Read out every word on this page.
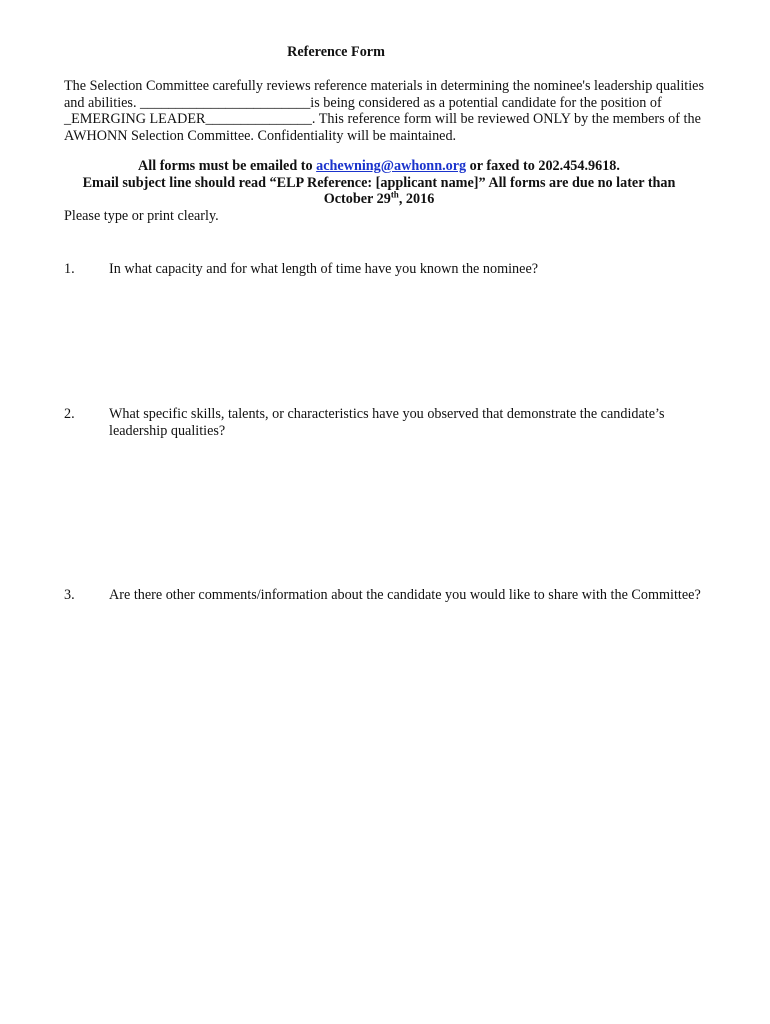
Reference Form
The Selection Committee carefully reviews reference materials in determining the nominee's leadership qualities
and abilities. ________________________is being considered as a potential candidate for the position of
_EMERGING LEADER_______________. This reference form will be reviewed ONLY by the members of the
AWHONN Selection Committee. Confidentiality will be maintained.
All forms must be emailed to achewning@awhonn.org or faxed to 202.454.9618.
Email subject line should read “ELP Reference: [applicant name]” All forms are due no later than
October 29th, 2016
Please type or print clearly.
1.	In what capacity and for what length of time have you known the nominee?
2.	What specific skills, talents, or characteristics have you observed that demonstrate the candidate’s leadership qualities?
3.	Are there other comments/information about the candidate you would like to share with the Committee?
